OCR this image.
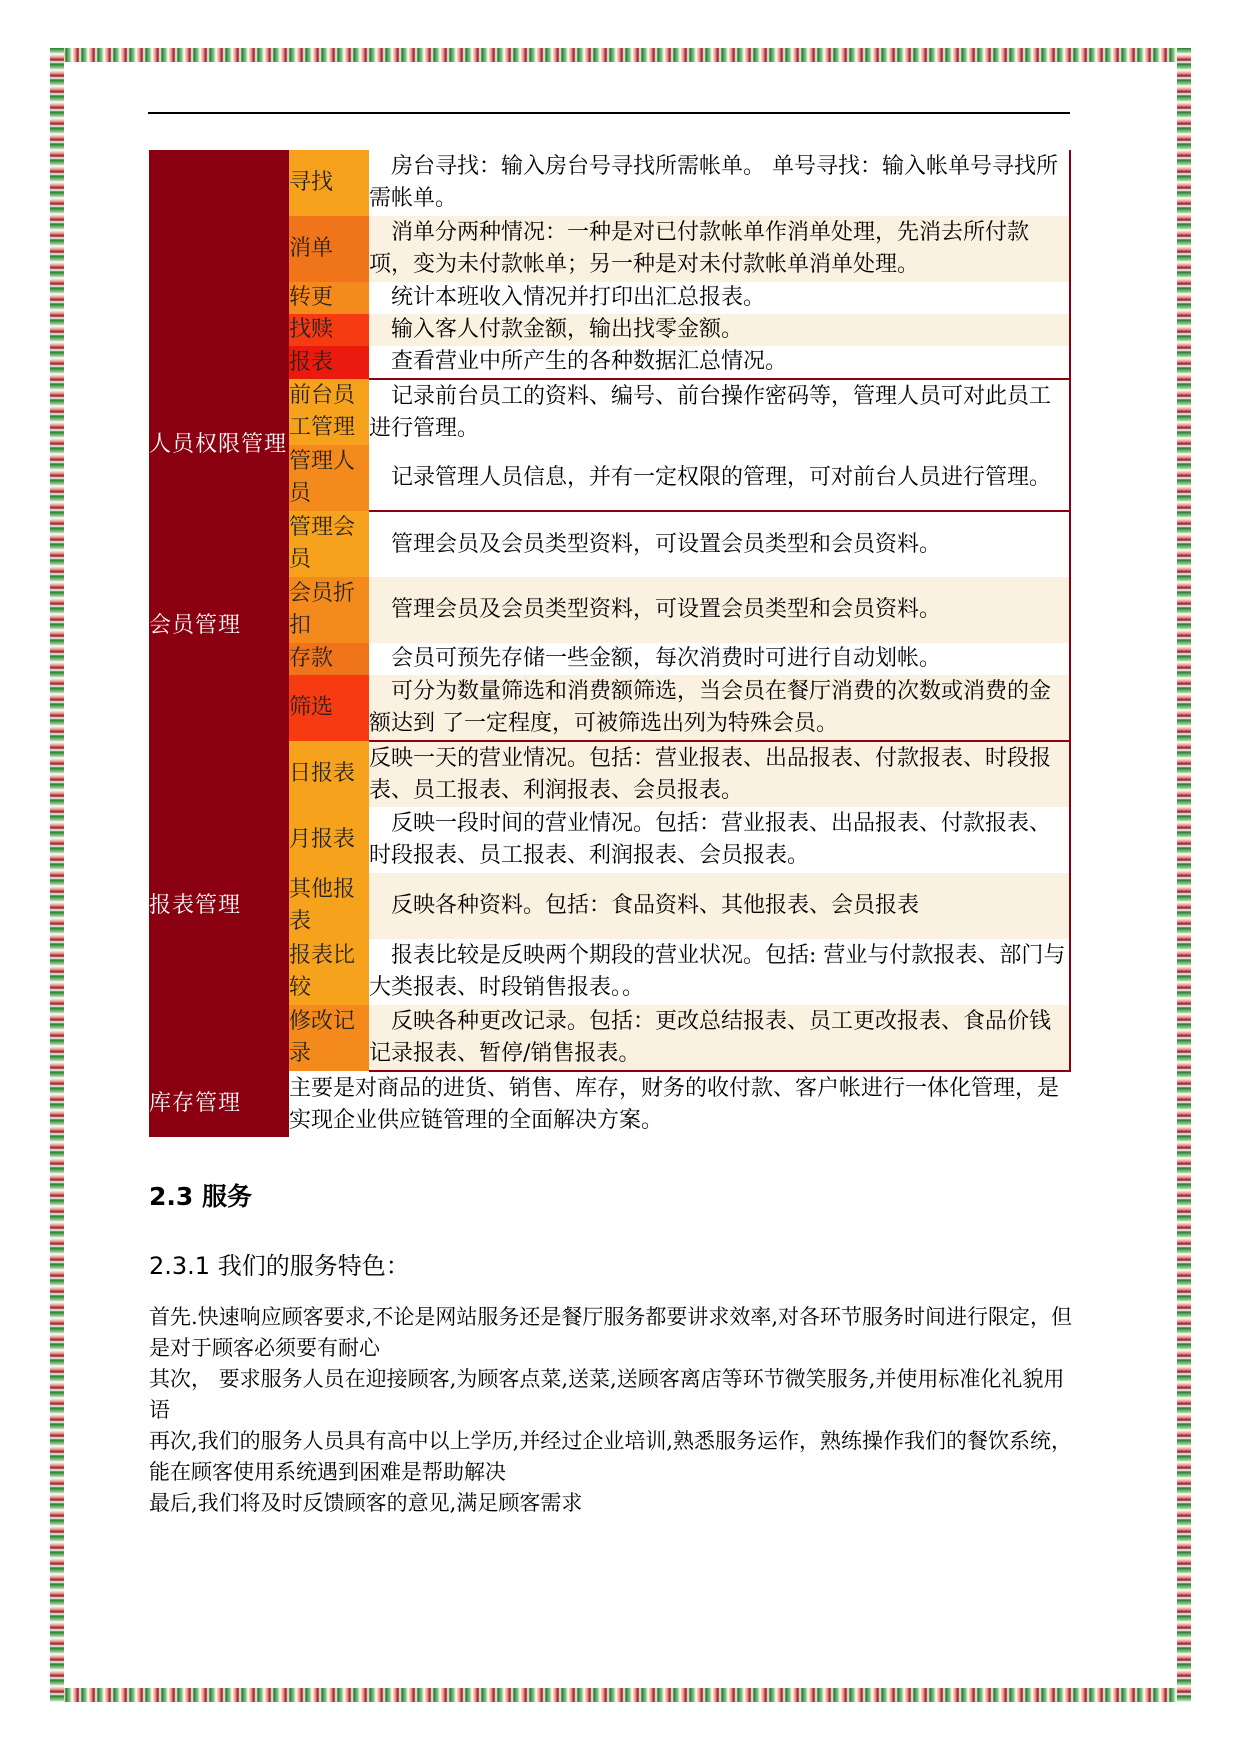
	寻找	房台寻找：输入房台号寻找所需帐单。 单号寻找：输入帐单号寻找所需帐单。
	消单	消单分两种情况：一种是对已付款帐单作消单处理，先消去所付款项，变为未付款帐单；另一种是对未付款帐单消单处理。
	转更	统计本班收入情况并打印出汇总报表。
	找赎	输入客人付款金额，输出找零金额。
	报表	查看营业中所产生的各种数据汇总情况。
人员权限管理	前台员工管理	记录前台员工的资料、编号、前台操作密码等，管理人员可对此员工进行管理。
	管理人员	记录管理人员信息，并有一定权限的管理，可对前台人员进行管理。
会员管理	管理会员	管理会员及会员类型资料，可设置会员类型和会员资料。
	会员折扣	管理会员及会员类型资料，可设置会员类型和会员资料。
	存款	会员可预先存储一些金额，每次消费时可进行自动划帐。
	筛选	可分为数量筛选和消费额筛选，当会员在餐厅消费的次数或消费的金额达到 了一定程度，可被筛选出列为特殊会员。
报表管理	日报表	反映一天的营业情况。包括：营业报表、出品报表、付款报表、时段报表、员工报表、利润报表、会员报表。
	月报表	反映一段时间的营业情况。包括：营业报表、出品报表、付款报表、时段报表、员工报表、利润报表、会员报表。
	其他报表	反映各种资料。包括：食品资料、其他报表、会员报表
	报表比较	报表比较是反映两个期段的营业状况。包括: 营业与付款报表、部门与大类报表、时段销售报表。。
	修改记录	反映各种更改记录。包括：更改总结报表、员工更改报表、食品价钱记录报表、暂停/销售报表。
库存管理	主要是对商品的进货、销售、库存，财务的收付款、客户帐进行一体化管理，是实现企业供应链管理的全面解决方案。	
2.3 服务
2.3.1 我们的服务特色：
首先.快速响应顾客要求,不论是网站服务还是餐厅服务都要讲求效率,对各环节服务时间进行限定，但是对于顾客必须要有耐心
其次， 要求服务人员在迎接顾客,为顾客点菜,送菜,送顾客离店等环节微笑服务,并使用标准化礼貌用语
再次,我们的服务人员具有高中以上学历,并经过企业培训,熟悉服务运作，熟练操作我们的餐饮系统，能在顾客使用系统遇到困难是帮助解决
最后,我们将及时反馈顾客的意见,满足顾客需求
